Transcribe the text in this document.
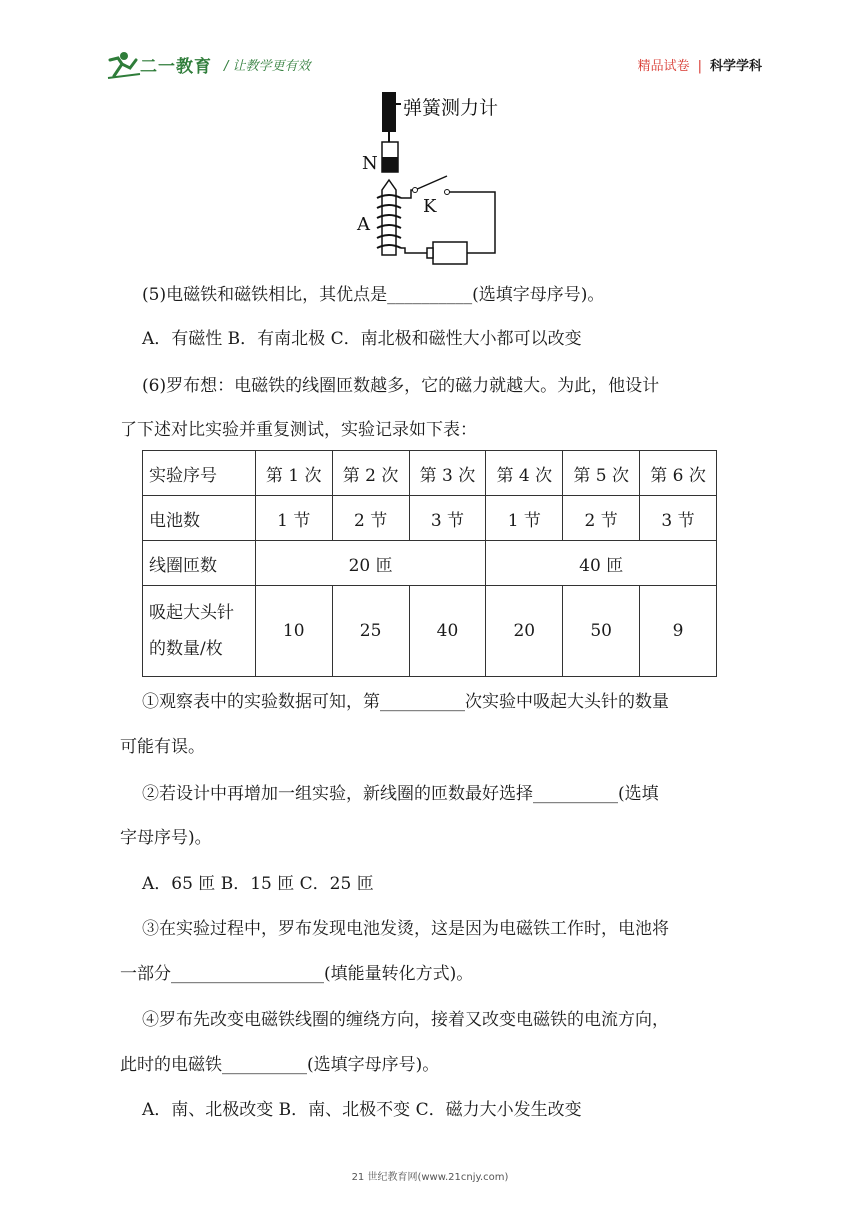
二一教育 / 让教学更有效	精品试卷 | 科学学科
弹簧测力计
N
A
K
(5)电磁铁和磁铁相比，其优点是__________(选填字母序号)。
A．有磁性 B．有南北极 C．南北极和磁性大小都可以改变
(6)罗布想：电磁铁的线圈匝数越多，它的磁力就越大。为此，他设计
了下述对比实验并重复测试，实验记录如下表：
实验序号	第 1 次	第 2 次	第 3 次	第 4 次	第 5 次	第 6 次
电池数	1 节	2 节	3 节	1 节	2 节	3 节
线圈匝数	20 匝			40 匝		
吸起大头针
的数量/枚	10	25	40	20	50	9
①观察表中的实验数据可知，第__________次实验中吸起大头针的数量
可能有误。
②若设计中再增加一组实验，新线圈的匝数最好选择__________(选填
字母序号)。
A．65 匝 B．15 匝 C．25 匝
③在实验过程中，罗布发现电池发烫，这是因为电磁铁工作时，电池将
一部分__________________(填能量转化方式)。
④罗布先改变电磁铁线圈的缠绕方向，接着又改变电磁铁的电流方向，
此时的电磁铁__________(选填字母序号)。
A．南、北极改变 B．南、北极不变 C．磁力大小发生改变
21 世纪教育网(www.21cnjy.com)
